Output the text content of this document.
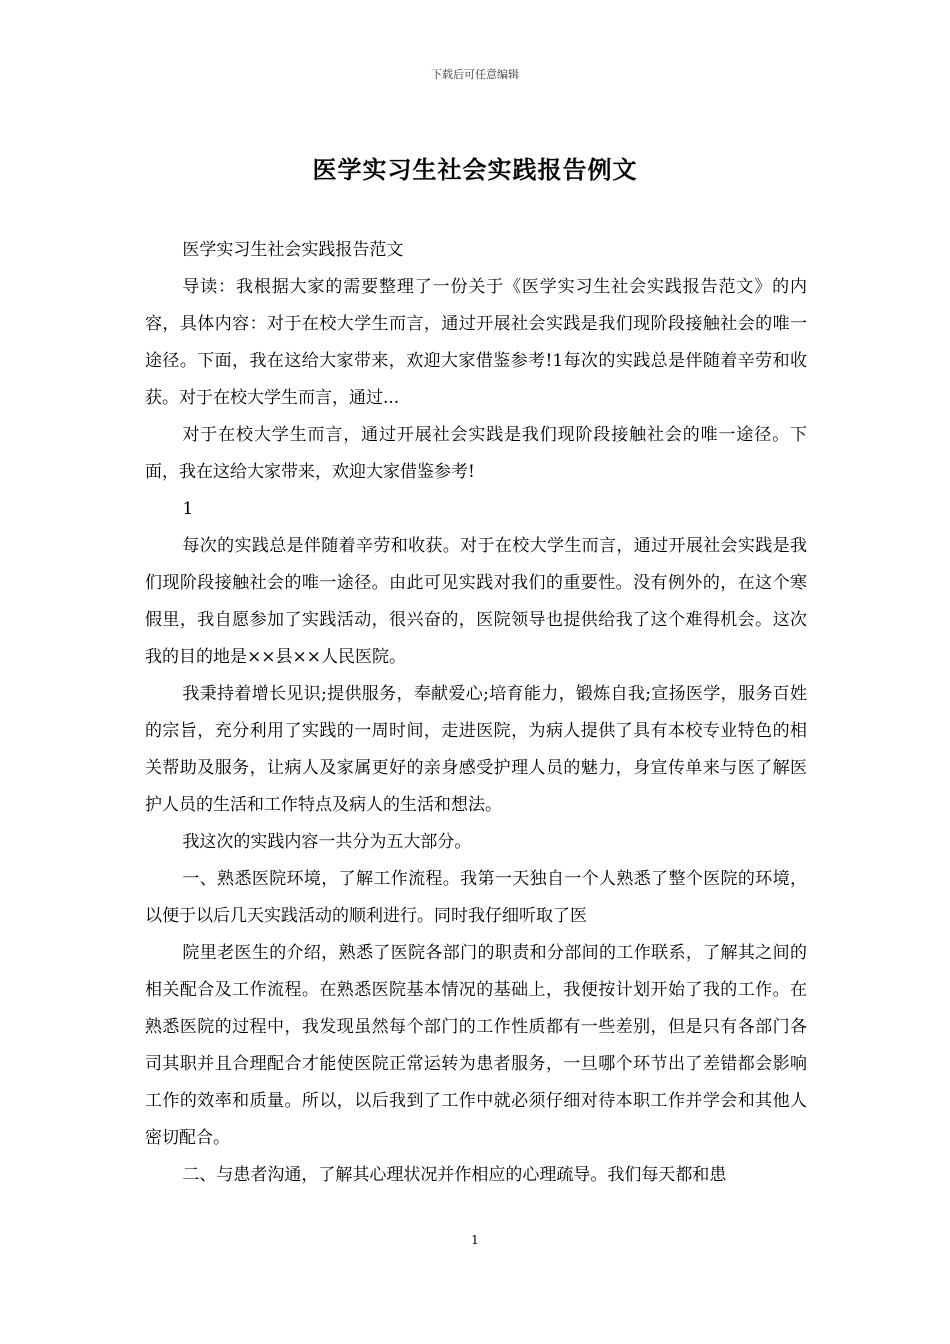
下载后可任意编辑
医学实习生社会实践报告例文

医学实习生社会实践报告范文

导读：我根据大家的需要整理了一份关于《医学实习生社会实践报告范文》的内容，具体内容：对于在校大学生而言，通过开展社会实践是我们现阶段接触社会的唯一途径。下面，我在这给大家带来，欢迎大家借鉴参考!1每次的实践总是伴随着辛劳和收获。对于在校大学生而言，通过...

对于在校大学生而言，通过开展社会实践是我们现阶段接触社会的唯一途径。下面，我在这给大家带来，欢迎大家借鉴参考!

1

每次的实践总是伴随着辛劳和收获。对于在校大学生而言，通过开展社会实践是我们现阶段接触社会的唯一途径。由此可见实践对我们的重要性。没有例外的，在这个寒假里，我自愿参加了实践活动，很兴奋的，医院领导也提供给我了这个难得机会。这次我的目的地是××县××人民医院。

我秉持着增长见识;提供服务，奉献爱心;培育能力，锻炼自我;宣扬医学，服务百姓的宗旨，充分利用了实践的一周时间，走进医院，为病人提供了具有本校专业特色的相关帮助及服务，让病人及家属更好的亲身感受护理人员的魅力，身宣传单来与医了解医护人员的生活和工作特点及病人的生活和想法。

我这次的实践内容一共分为五大部分。

一、熟悉医院环境，了解工作流程。我第一天独自一个人熟悉了整个医院的环境，以便于以后几天实践活动的顺利进行。同时我仔细听取了医

院里老医生的介绍，熟悉了医院各部门的职责和分部间的工作联系，了解其之间的相关配合及工作流程。在熟悉医院基本情况的基础上，我便按计划开始了我的工作。在熟悉医院的过程中，我发现虽然每个部门的工作性质都有一些差别，但是只有各部门各司其职并且合理配合才能使医院正常运转为患者服务，一旦哪个环节出了差错都会影响工作的效率和质量。所以，以后我到了工作中就必须仔细对待本职工作并学会和其他人密切配合。

二、与患者沟通，了解其心理状况并作相应的心理疏导。我们每天都和患

1
